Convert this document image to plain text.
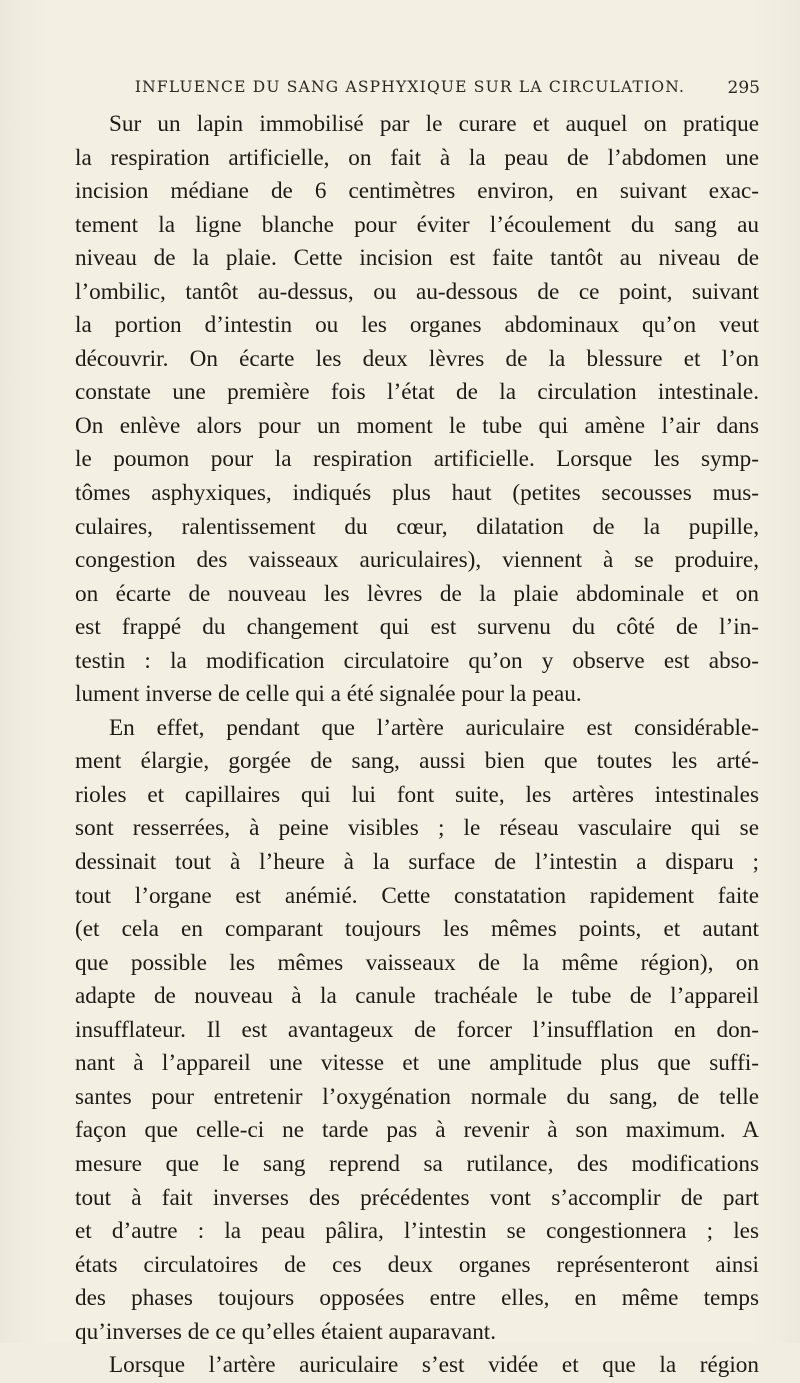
INFLUENCE DU SANG ASPHYXIQUE SUR LA CIRCULATION.	295
Sur un lapin immobilisé par le curare et auquel on pratique
la respiration artificielle, on fait à la peau de l’abdomen une
incision médiane de 6 centimètres environ, en suivant exac-
tement la ligne blanche pour éviter l’écoulement du sang au
niveau de la plaie. Cette incision est faite tantôt au niveau de
l’ombilic, tantôt au-dessus, ou au-dessous de ce point, suivant
la portion d’intestin ou les organes abdominaux qu’on veut
découvrir. On écarte les deux lèvres de la blessure et l’on
constate une première fois l’état de la circulation intestinale.
On enlève alors pour un moment le tube qui amène l’air dans
le poumon pour la respiration artificielle. Lorsque les symp-
tômes asphyxiques, indiqués plus haut (petites secousses mus-
culaires, ralentissement du cœur, dilatation de la pupille,
congestion des vaisseaux auriculaires), viennent à se produire,
on écarte de nouveau les lèvres de la plaie abdominale et on
est frappé du changement qui est survenu du côté de l’in-
testin : la modification circulatoire qu’on y observe est abso-
lument inverse de celle qui a été signalée pour la peau.
En effet, pendant que l’artère auriculaire est considérable-
ment élargie, gorgée de sang, aussi bien que toutes les arté-
rioles et capillaires qui lui font suite, les artères intestinales
sont resserrées, à peine visibles ; le réseau vasculaire qui se
dessinait tout à l’heure à la surface de l’intestin a disparu ;
tout l’organe est anémié. Cette constatation rapidement faite
(et cela en comparant toujours les mêmes points, et autant
que possible les mêmes vaisseaux de la même région), on
adapte de nouveau à la canule trachéale le tube de l’appareil
insufflateur. Il est avantageux de forcer l’insufflation en don-
nant à l’appareil une vitesse et une amplitude plus que suffi-
santes pour entretenir l’oxygénation normale du sang, de telle
façon que celle-ci ne tarde pas à revenir à son maximum. A
mesure que le sang reprend sa rutilance, des modifications
tout à fait inverses des précédentes vont s’accomplir de part
et d’autre : la peau pâlira, l’intestin se congestionnera ; les
états circulatoires de ces deux organes représenteront ainsi
des phases toujours opposées entre elles, en même temps
qu’inverses de ce qu’elles étaient auparavant.
Lorsque l’artère auriculaire s’est vidée et que la région
